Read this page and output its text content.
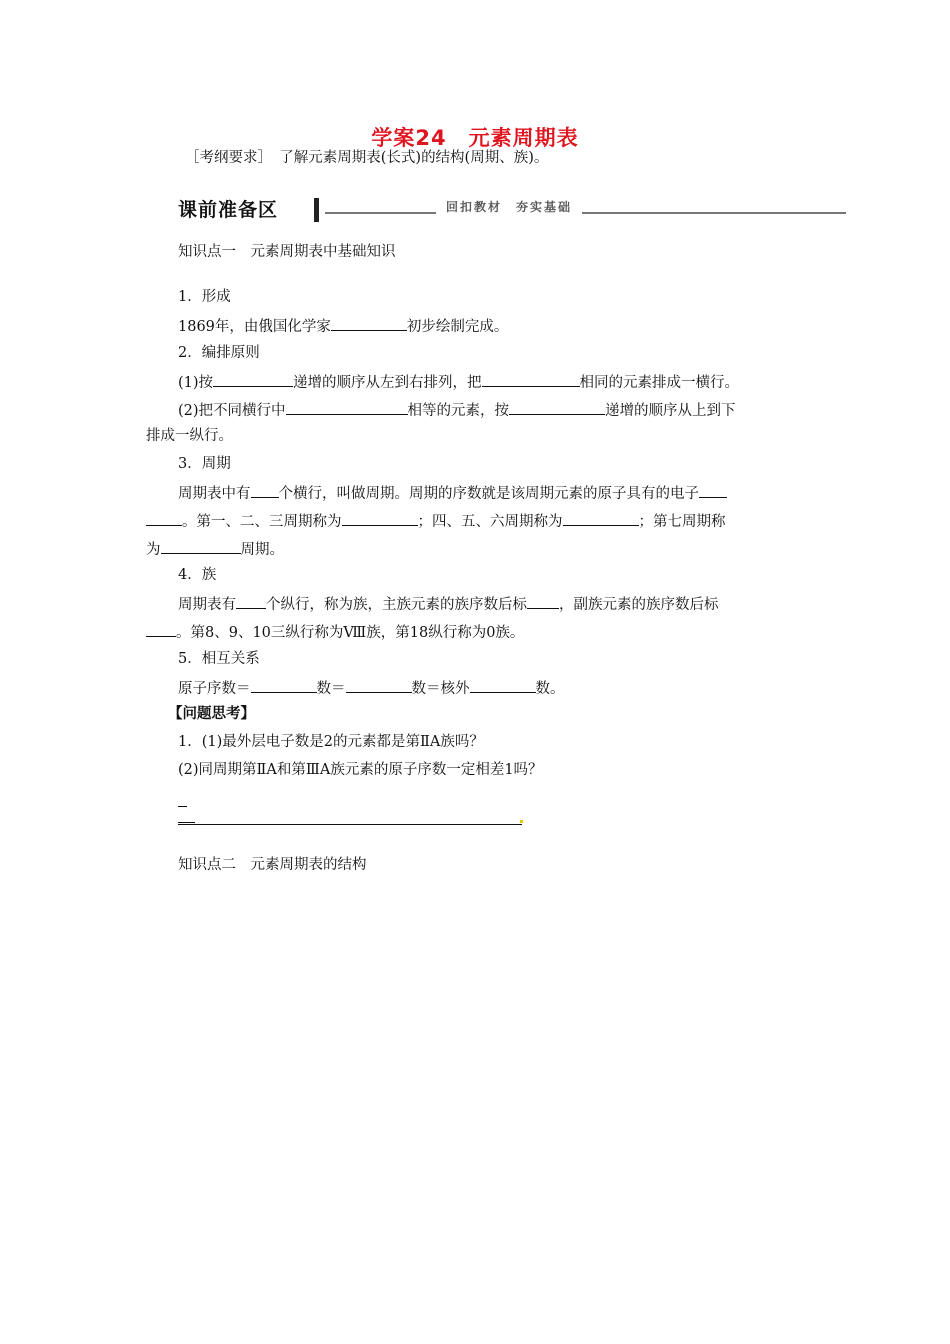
学案24　元素周期表
［考纲要求］　了解元素周期表(长式)的结构(周期、族)。
课前准备区	回扣教材　夯实基础
知识点一　元素周期表中基础知识
1．形成
1869年，由俄国化学家	初步绘制完成。
2．编排原则
(1)按	递增的顺序从左到右排列，把	相同的元素排成一横行。
(2)把不同横行中	相等的元素，按	递增的顺序从上到下
排成一纵行。
3．周期
周期表中有 个横行，叫做周期。周期的序数就是该周期元素的原子具有的电子
。第一、二、三周期称为	；四、五、六周期称为	；第七周期称
为	周期。
4．族
周期表有 个纵行，称为族，主族元素的族序数后标 ，副族元素的族序数后标
。第8、9、10三纵行称为Ⅷ族，第18纵行称为0族。
5．相互关系
原子序数＝	数＝	数＝核外	数。
【问题思考】
1．(1)最外层电子数是2的元素都是第ⅡA族吗？
(2)同周期第ⅡA和第ⅢA族元素的原子序数一定相差1吗？
知识点二　元素周期表的结构
